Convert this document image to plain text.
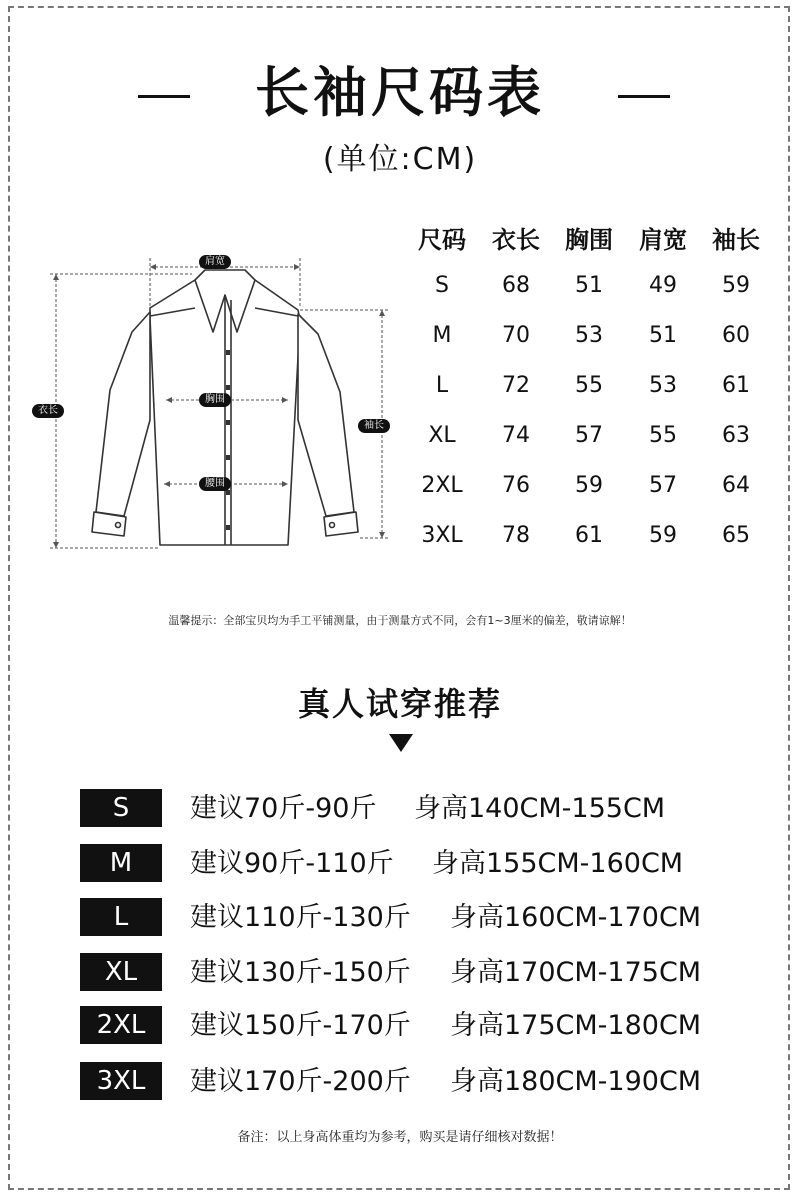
长袖尺码表
(单位:CM)
肩宽
衣长
胸围
腰围
袖长
尺码	衣长	胸围	肩宽	袖长
S	68	51	49	59
M	70	53	51	60
L	72	55	53	61
XL	74	57	55	63
2XL	76	59	57	64
3XL	78	61	59	65
温馨提示：全部宝贝均为手工平铺测量，由于测量方式不同，会有1~3厘米的偏差，敬请谅解！
真人试穿推荐
S	建议70斤-90斤 身高140CM-155CM
M	建议90斤-110斤 身高155CM-160CM
L	建议110斤-130斤 身高160CM-170CM
XL	建议130斤-150斤 身高170CM-175CM
2XL	建议150斤-170斤 身高175CM-180CM
3XL	建议170斤-200斤 身高180CM-190CM
备注：以上身高体重均为参考，购买是请仔细核对数据！
